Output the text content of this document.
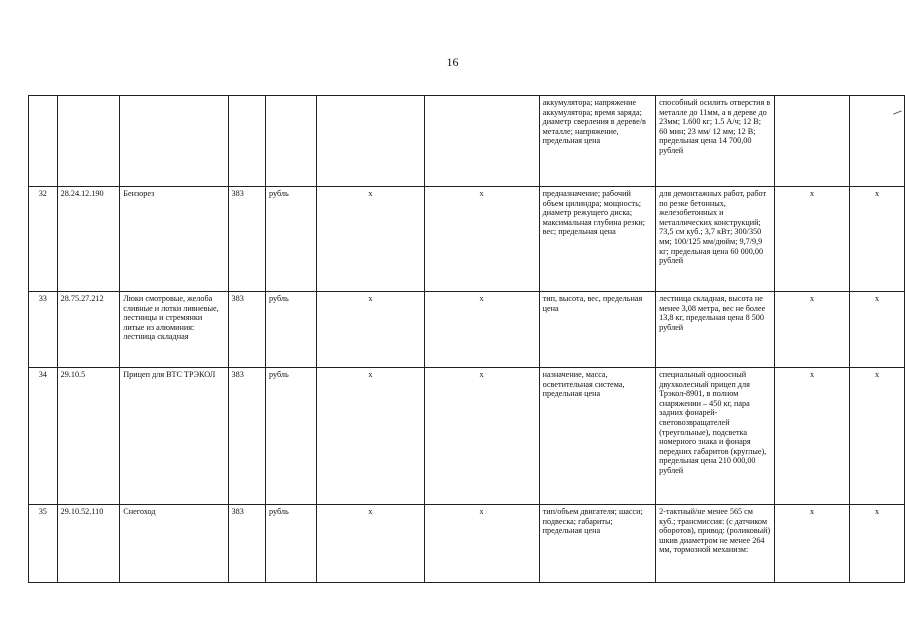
16
							аккумулятора; напряжение аккумулятора; время заряда; диаметр сверления в дереве/в металле; напряжение, предельная цена	способный осилить отверстия в металле до 11мм, а в дереве до 23мм; 1.600 кг; 1.5 А/ч; 12 В; 60 мин; 23 мм/ 12 мм; 12 В; предельная цена 14 700,00 рублей		
32	28.24.12.190	Бензорез	383	рубль	х	х	предназначение; рабочий объем цилиндра; мощность; диаметр режущего диска; максимальная глубина резки; вес; предельная цена	для демонтажных работ, работ по резке бетонных, железобетонных и металлических конструкций; 73,5 см куб.; 3,7 кВт; 300/350 мм; 100/125 мм/дюйм; 9,7/9,9 кг; предельная цена 60 000,00 рублей	х	х
33	28.75.27.212	Люки смотровые, желоба сливные и лотки ливневые, лестницы и стремянки литые из алюминия: лестница складная	383	рубль	х	х	тип, высота, вес, предельная цена	лестница складная, высота не менее 3,08 метра, вес не более 13,8 кг, предельная цена 8 500 рублей	х	х
34	29.10.5	Прицеп для ВТС ТРЭКОЛ	383	рубль	х	х	назначение, масса, осветительная система, предельная цена	специальный одноосный двухколесный прицеп для Трэкол-8901, в полном снаряжении – 450 кг, пара задних фонарей-световозвращателей (треугольные), подсветка номерного знака и фонаря передних габаритов (круглые), предельная цена 210 000,00 рублей	х	х
35	29.10.52.110	Снегоход	383	рубль	х	х	тип/объем двигателя; шасси; подвеска; габариты; предельная цена	2-тактный/не менее 565 см куб.; трансмиссия: (с датчиком оборотов), привод: (роликовый) шкив диаметром не менее 264 мм, тормозной механизм:	х	х
